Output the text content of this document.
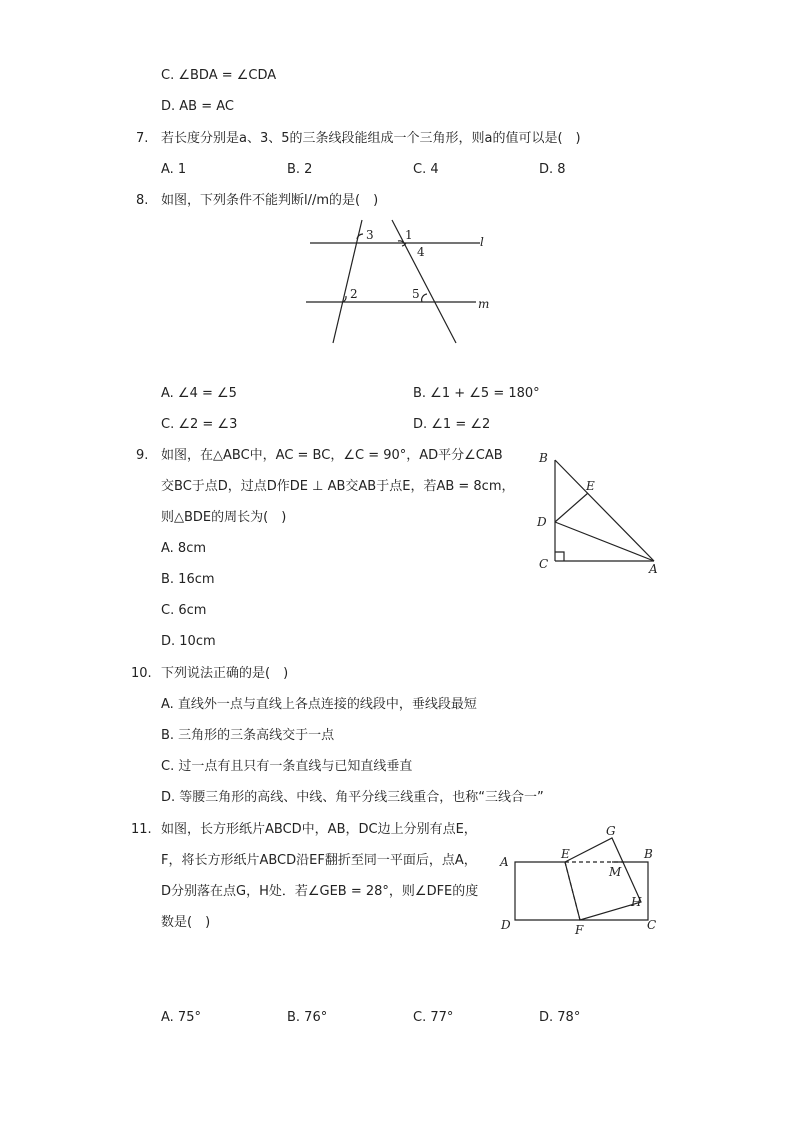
C. ∠BDA = ∠CDA
D. AB = AC
7. 若长度分别是a、3、5的三条线段能组成一个三角形，则a的值可以是(　)
A. 1	B. 2	C. 4	D. 8
8. 如图，下列条件不能判断l//m的是(　)
3	1
4
l
2	5
m
A. ∠4 = ∠5	B. ∠1 + ∠5 = 180°
C. ∠2 = ∠3	D. ∠1 = ∠2
9. 如图，在△ABC中，AC = BC，∠C = 90°，AD平分∠CAB
交BC于点D，过点D作DE ⊥ AB交AB于点E，若AB = 8cm，
则△BDE的周长为(　)
B
E
D
C	A
A. 8cm
B. 16cm
C. 6cm
D. 10cm
10. 下列说法正确的是(　)
A. 直线外一点与直线上各点连接的线段中，垂线段最短
B. 三角形的三条高线交于一点
C. 过一点有且只有一条直线与已知直线垂直
D. 等腰三角形的高线、中线、角平分线三线重合，也称“三线合一”
11. 如图，长方形纸片ABCD中，AB，DC边上分别有点E，
F，将长方形纸片ABCD沿EF翻折至同一平面后，点A，
D分别落在点G，H处．若∠GEB = 28°，则∠DFE的度
数是(　)
G
A
E	B
M
H
D	F	C
A. 75°	B. 76°	C. 77°	D. 78°
